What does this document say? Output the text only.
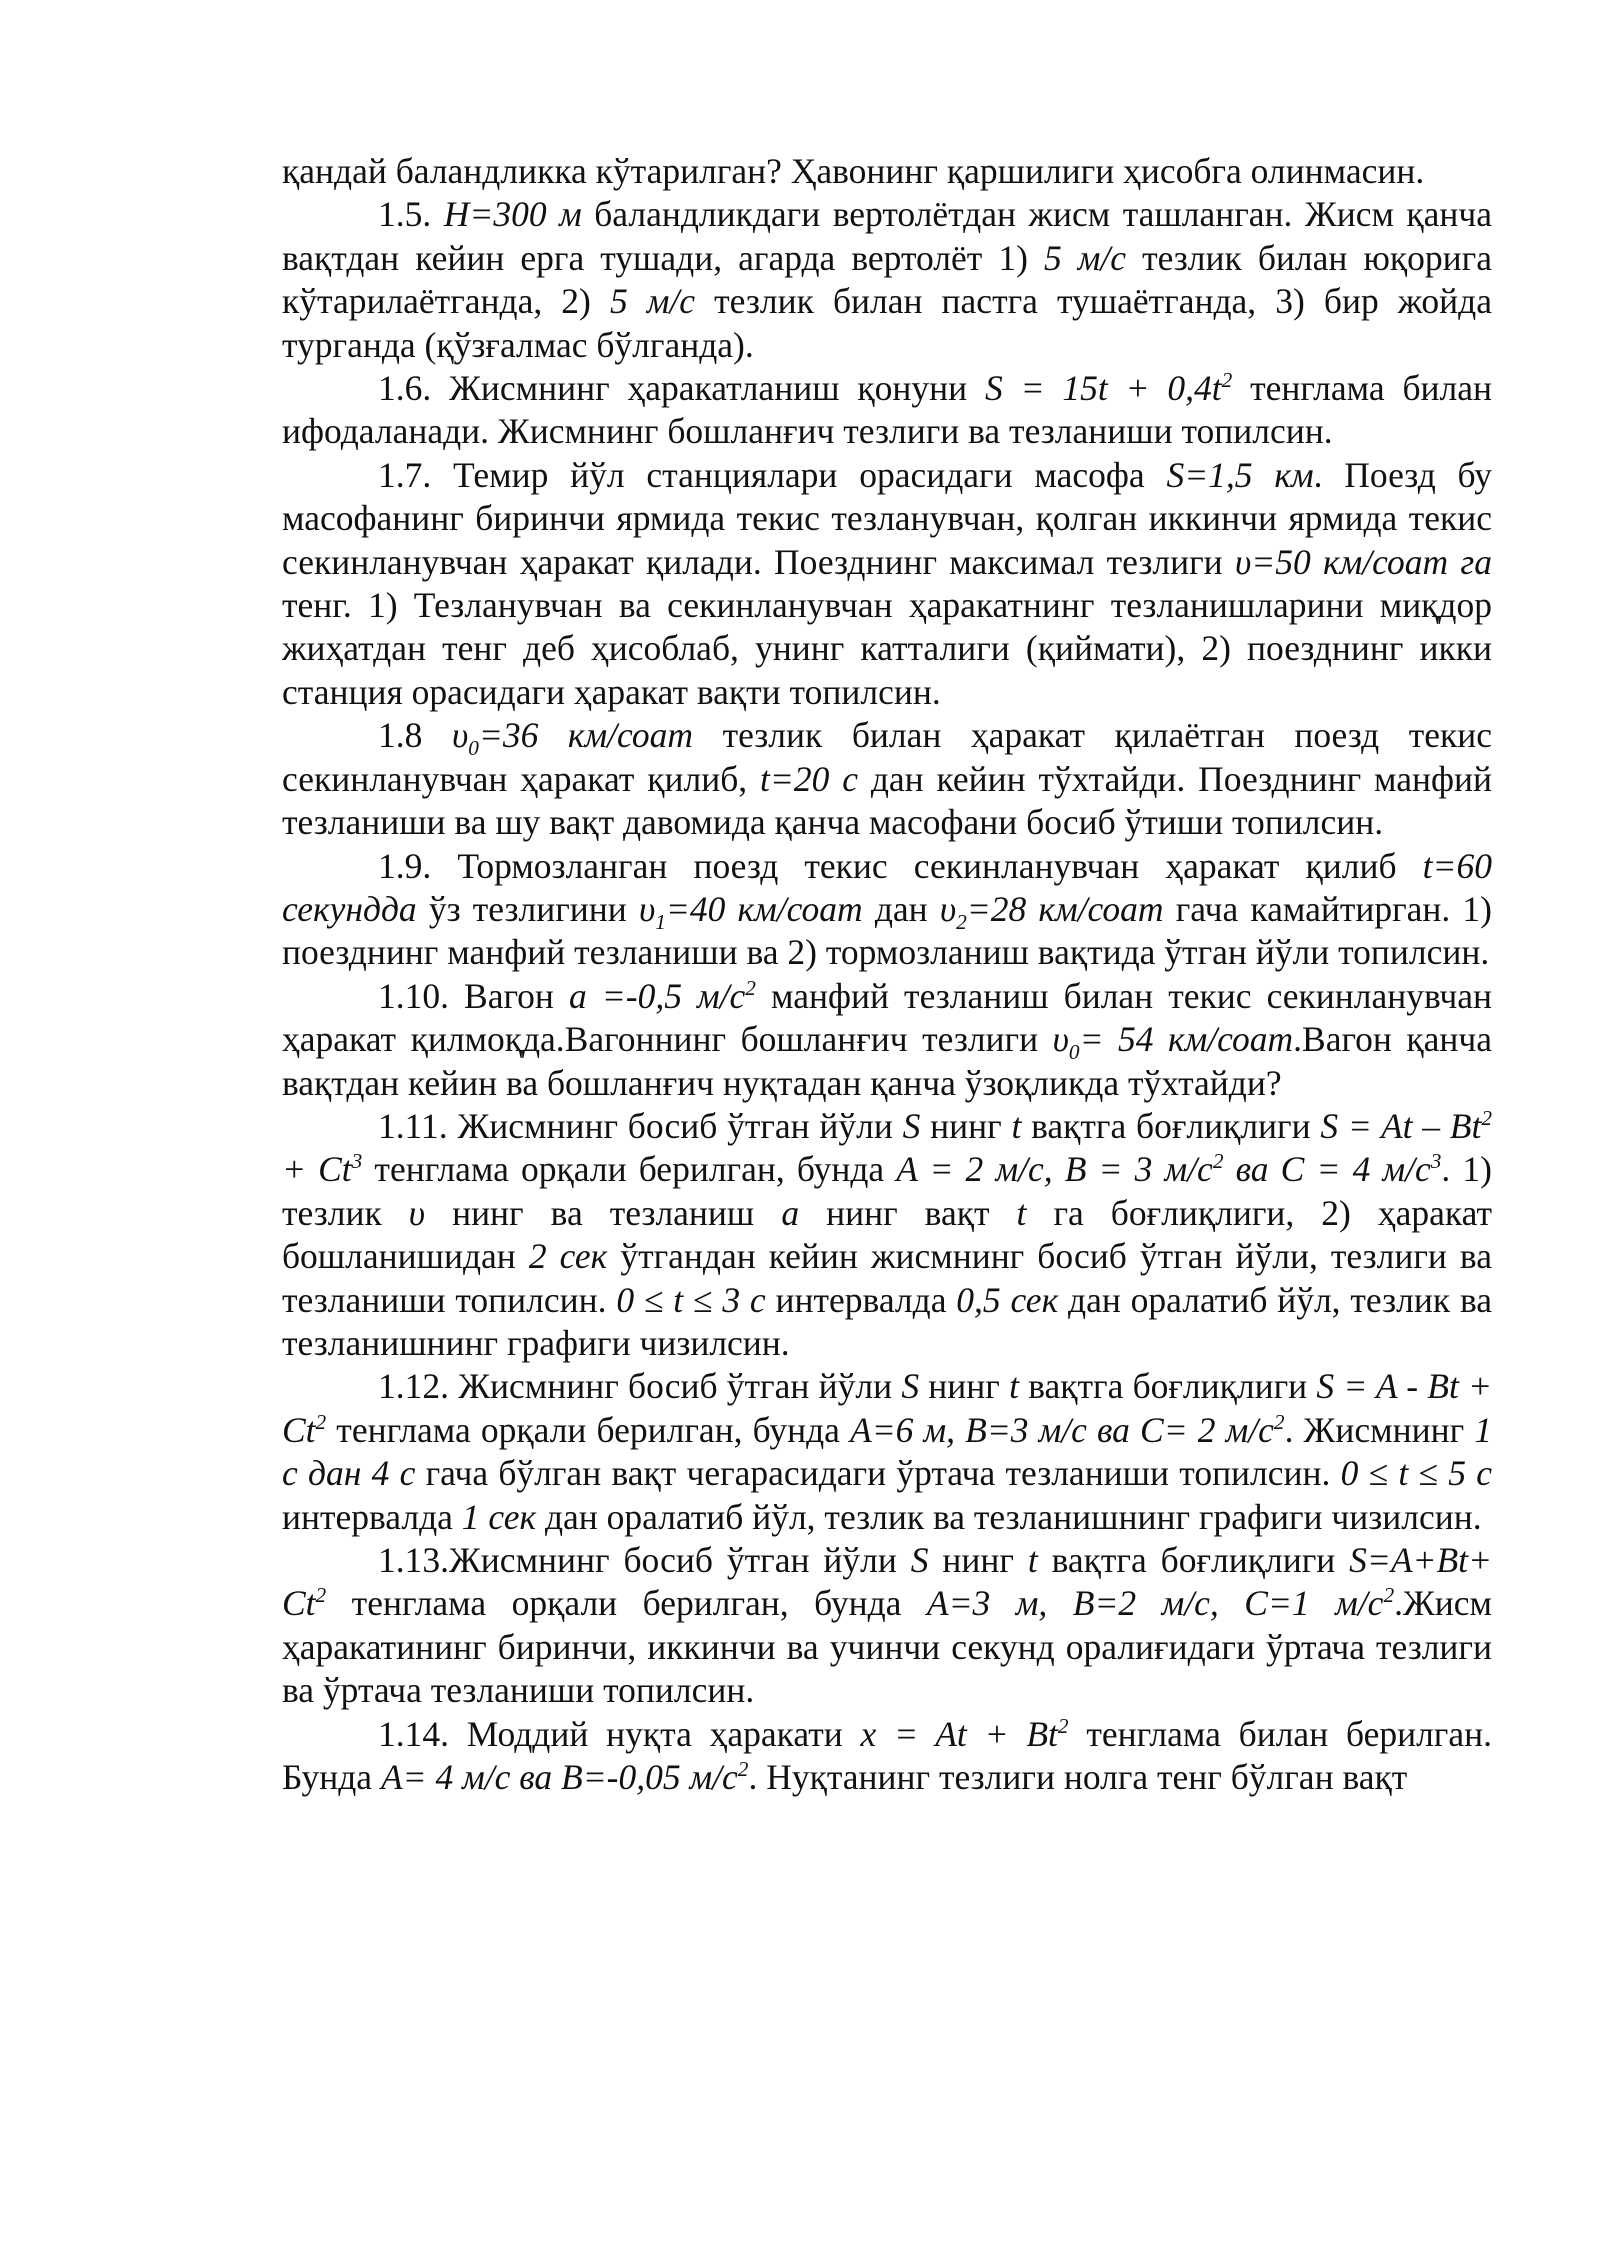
қандай баландликка кўтарилган? Ҳавонинг қаршилиги ҳисобга олинмасин.

1.5. H=300 м баландликдаги вертолётдан жисм ташланган. Жисм қанча вақтдан кейин ерга тушади, агарда вертолёт 1) 5 м/с тезлик билан юқорига кўтарилаётганда, 2) 5 м/с тезлик билан пастга тушаётганда, 3) бир жойда турганда (қўзғалмас бўлганда).

1.6. Жисмнинг ҳаракатланиш қонуни $S = 15t + 0,4t^2$ тенглама билан ифодаланади. Жисмнинг бошланғич тезлиги ва тезланиши топилсин.

1.7. Темир йўл станциялари орасидаги масофа S=1,5 км. Поезд бу масофанинг биринчи ярмида текис тезланувчан, қолган иккинчи ярмида текис секинланувчан ҳаракат қилади. Поезднинг максимал тезлиги υ=50 км/соат га тенг. 1) Тезланувчан ва секинланувчан ҳаракатнинг тезланишларини миқдор жиҳатдан тенг деб ҳисоблаб, унинг катталиги (қиймати), 2) поезднинг икки станция орасидаги ҳаракат вақти топилсин.

1.8 $\upsilon_0=36$ км/соат тезлик билан ҳаракат қилаётган поезд текис секинланувчан ҳаракат қилиб, t=20 с дан кейин тўхтайди. Поезднинг манфий тезланиши ва шу вақт давомида қанча масофани босиб ўтиши топилсин.

1.9. Тормозланган поезд текис секинланувчан ҳаракат қилиб t=60 секундда ўз тезлигини $\upsilon_1=40$ км/соат дан $\upsilon_2=28$ км/соат гача камайтирган. 1) поезднинг манфий тезланиши ва 2) тормозланиш вақтида ўтган йўли топилсин.

1.10. Вагон a =-0,5 $м/с^2$ манфий тезланиш билан текис секинланувчан ҳаракат қилмоқда.Вагоннинг бошланғич тезлиги $\upsilon_0= 54$ км/соат.Вагон қанча вақтдан кейин ва бошланғич нуқтадан қанча ўзоқликда тўхтайди?

1.11. Жисмнинг босиб ўтган йўли S нинг t вақтга боғлиқлиги $S = At - Bt^2 + Ct^3$ тенглама орқали берилган, бунда A = 2 м/с, B = 3 $м/с^2$ ва C = 4 $м/с^3$. 1) тезлик υ нинг ва тезланиш a нинг вақт t га боғлиқлиги, 2) ҳаракат бошланишидан 2 сек ўтгандан кейин жисмнинг босиб ўтган йўли, тезлиги ва тезланиши топилсин. 0 ≤ t ≤ 3 с интервалда 0,5 сек дан оралатиб йўл, тезлик ва тезланишнинг графиги чизилсин.

1.12. Жисмнинг босиб ўтган йўли S нинг t вақтга боғлиқлиги $S = A - Bt + Ct^2$ тенглама орқали берилган, бунда A=6 м, B=3 м/с ва C= 2 $м/с^2$. Жисмнинг 1 с дан 4 с гача бўлган вақт чегарасидаги ўртача тезланиши топилсин. 0 ≤ t ≤ 5 с интервалда 1 сек дан оралатиб йўл, тезлик ва тезланишнинг графиги чизилсин.

1.13.Жисмнинг босиб ўтган йўли S нинг t вақтга боғлиқлиги $S=A+Bt+ Ct^2$ тенглама орқали берилган, бунда A=3 м, B=2 м/с, C=1 $м/с^2.Жисм$ ҳаракатининг биринчи, иккинчи ва учинчи секунд оралиғидаги ўртача тезлиги ва ўртача тезланиши топилсин.

1.14. Моддий нуқта ҳаракати $x = At + Bt^2$ тенглама билан берилган. Бунда A= 4 м/с ва B=-0,05 $м/с^2$. Нуқтанинг тезлиги нолга тенг бўлган вақт
